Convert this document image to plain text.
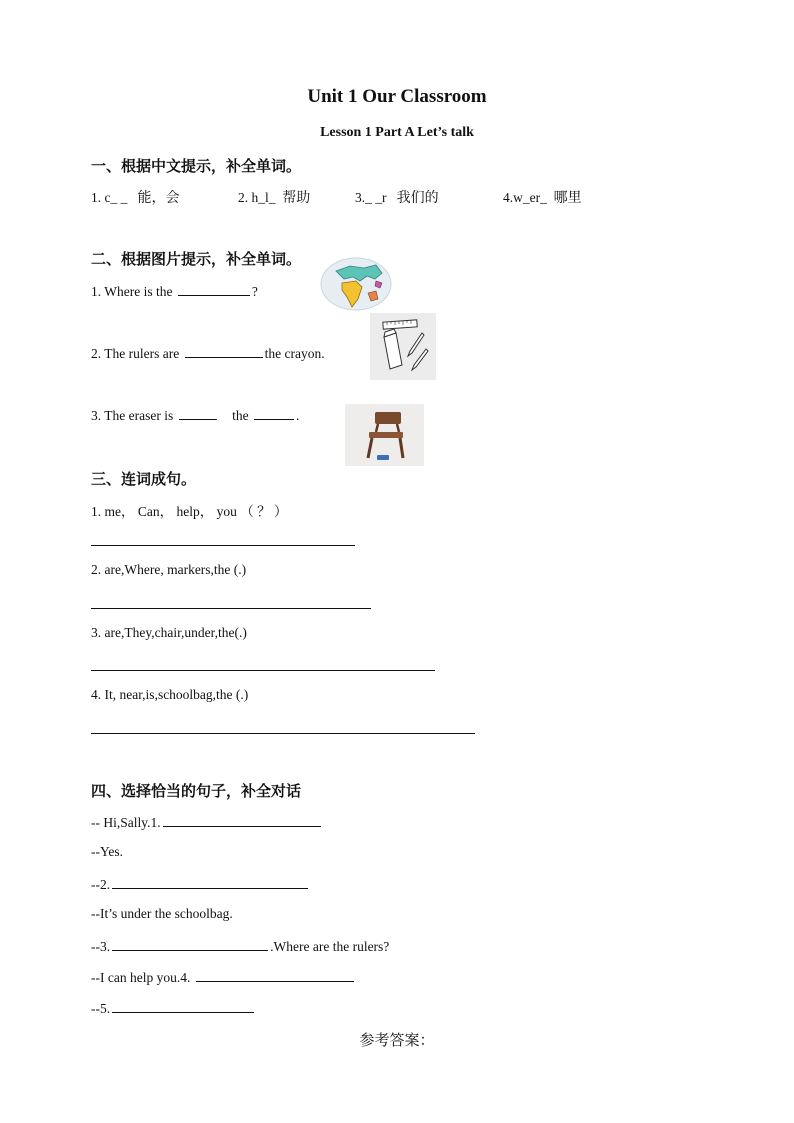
Unit 1 Our Classroom
Lesson 1 Part A Let’s talk
一、根据中文提示，补全单词。
1. c_ _ 能，会	2. h_l_ 帮助	3._ _r 我们的	4.w_er_ 哪里
二、根据图片提示，补全单词。
1. Where is the	?
2. The rulers are	the crayon.
3. The eraser is	the	.
三、连词成句。
1. me， Can， help， you （ ？ ）
2. are,Where, markers,the (.)
3. are,They,chair,under,the(.)
4. It, near,is,schoolbag,the (.)
四、选择恰当的句子，补全对话
-- Hi,Sally.1.
--Yes.
--2.
--It’s under the schoolbag.
--3.	.Where are the rulers?
--I can help you.4.
--5.
参考答案：
